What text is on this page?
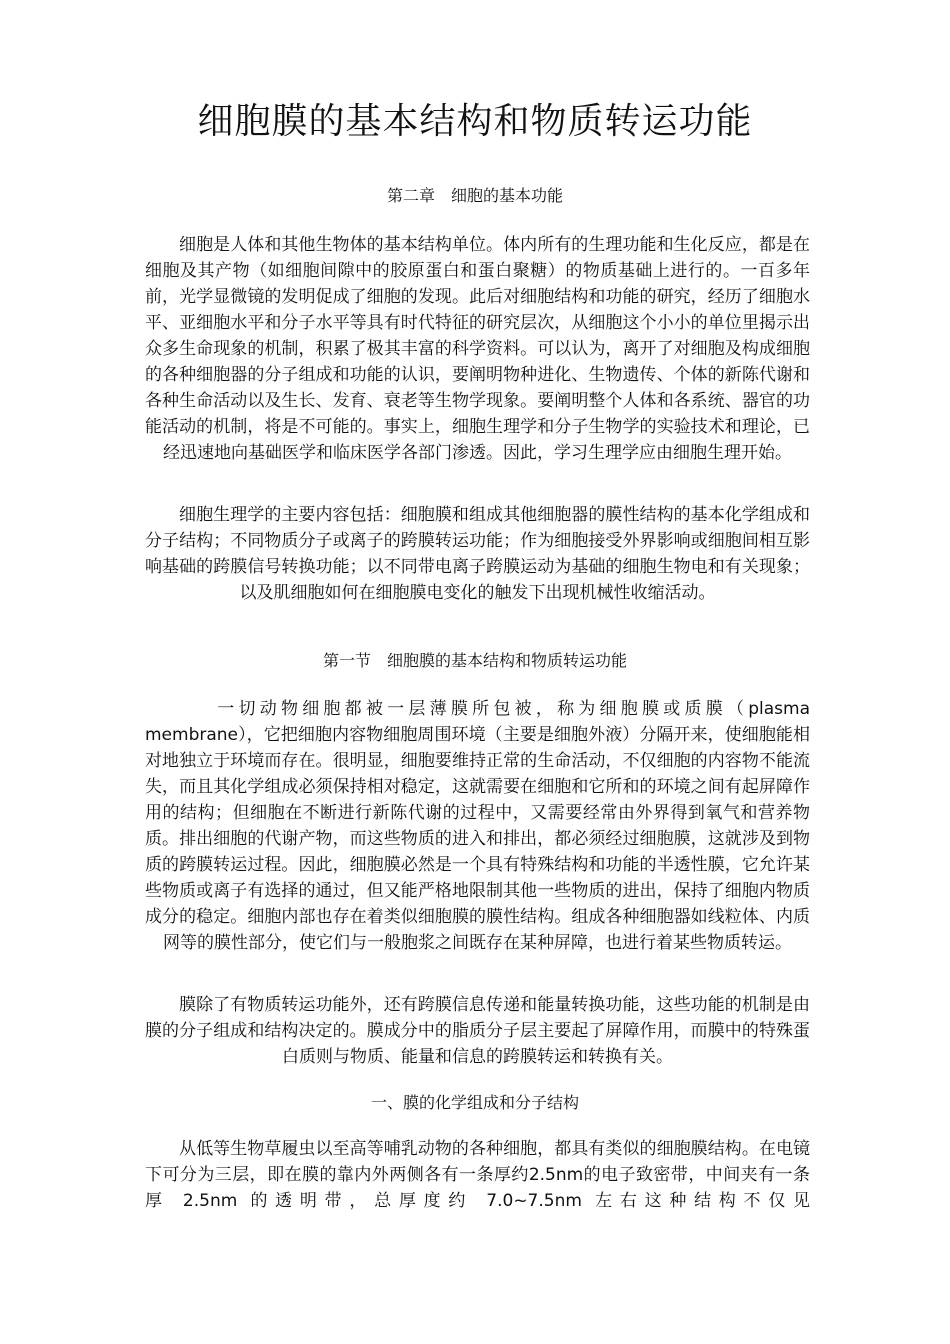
细胞膜的基本结构和物质转运功能

第二章　细胞的基本功能

细胞是人体和其他生物体的基本结构单位。体内所有的生理功能和生化反应，都是在细胞及其产物（如细胞间隙中的胶原蛋白和蛋白聚糖）的物质基础上进行的。一百多年前，光学显微镜的发明促成了细胞的发现。此后对细胞结构和功能的研究，经历了细胞水平、亚细胞水平和分子水平等具有时代特征的研究层次，从细胞这个小小的单位里揭示出众多生命现象的机制，积累了极其丰富的科学资料。可以认为，离开了对细胞及构成细胞的各种细胞器的分子组成和功能的认识，要阐明物种进化、生物遗传、个体的新陈代谢和各种生命活动以及生长、发育、衰老等生物学现象。要阐明整个人体和各系统、器官的功能活动的机制，将是不可能的。事实上，细胞生理学和分子生物学的实验技术和理论，已经迅速地向基础医学和临床医学各部门渗透。因此，学习生理学应由细胞生理开始。

细胞生理学的主要内容包括：细胞膜和组成其他细胞器的膜性结构的基本化学组成和分子结构；不同物质分子或离子的跨膜转运功能；作为细胞接受外界影响或细胞间相互影响基础的跨膜信号转换功能；以不同带电离子跨膜运动为基础的细胞生物电和有关现象；以及肌细胞如何在细胞膜电变化的触发下出现机械性收缩活动。

第一节　细胞膜的基本结构和物质转运功能

一切动物细胞都被一层薄膜所包被，称为细胞膜或质膜（plasma membrane），它把细胞内容物细胞周围环境（主要是细胞外液）分隔开来，使细胞能相对地独立于环境而存在。很明显，细胞要维持正常的生命活动，不仅细胞的内容物不能流失，而且其化学组成必须保持相对稳定，这就需要在细胞和它所和的环境之间有起屏障作用的结构；但细胞在不断进行新陈代谢的过程中，又需要经常由外界得到氧气和营养物质。排出细胞的代谢产物，而这些物质的进入和排出，都必须经过细胞膜，这就涉及到物质的跨膜转运过程。因此，细胞膜必然是一个具有特殊结构和功能的半透性膜，它允许某些物质或离子有选择的通过，但又能严格地限制其他一些物质的进出，保持了细胞内物质成分的稳定。细胞内部也存在着类似细胞膜的膜性结构。组成各种细胞器如线粒体、内质网等的膜性部分，使它们与一般胞浆之间既存在某种屏障，也进行着某些物质转运。

膜除了有物质转运功能外，还有跨膜信息传递和能量转换功能，这些功能的机制是由膜的分子组成和结构决定的。膜成分中的脂质分子层主要起了屏障作用，而膜中的特殊蛋白质则与物质、能量和信息的跨膜转运和转换有关。

一、膜的化学组成和分子结构

从低等生物草履虫以至高等哺乳动物的各种细胞，都具有类似的细胞膜结构。在电镜下可分为三层，即在膜的靠内外两侧各有一条厚约2.5nm的电子致密带，中间夹有一条厚 2.5nm 的透明带，总厚度约 7.0~7.5nm 左右这种结构不仅见
